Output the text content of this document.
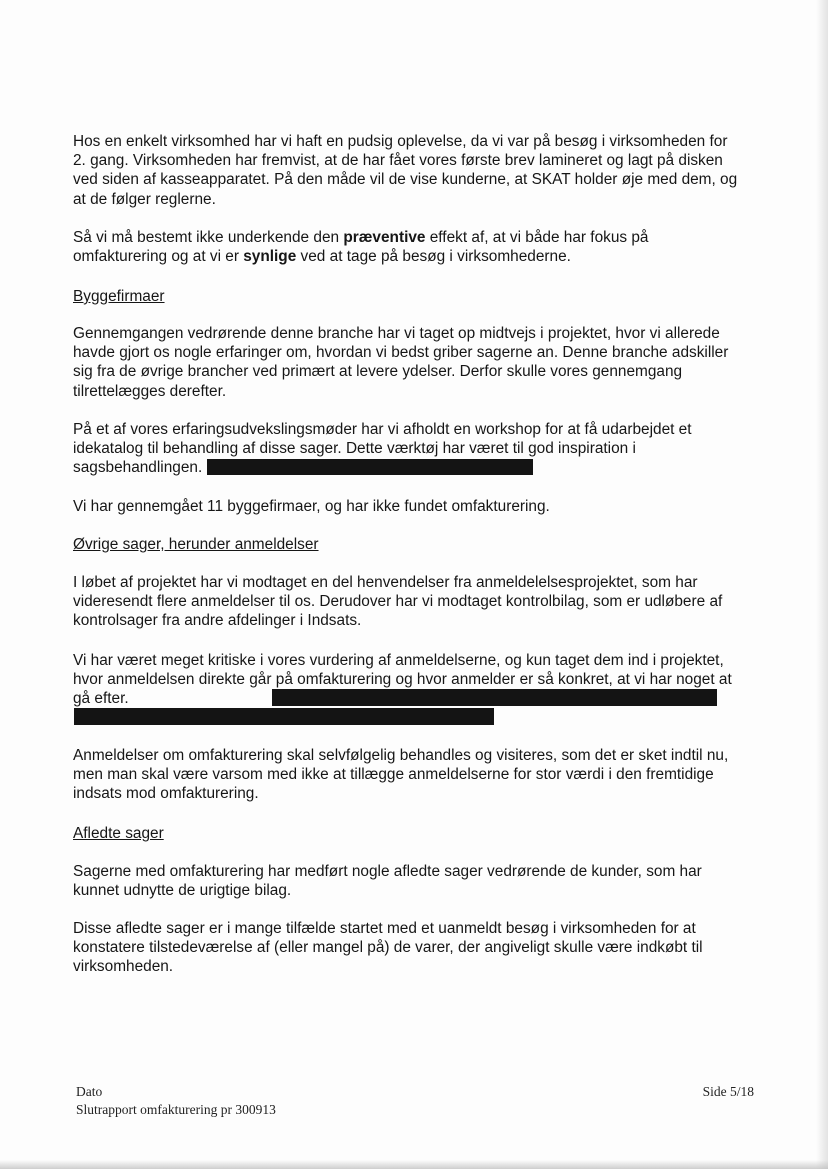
Hos en enkelt virksomhed har vi haft en pudsig oplevelse, da vi var på besøg i virksomheden for 2. gang. Virksomheden har fremvist, at de har fået vores første brev lamineret og lagt på disken ved siden af kasseapparatet. På den måde vil de vise kunderne, at SKAT holder øje med dem, og at de følger reglerne.

Så vi må bestemt ikke underkende den præventive effekt af, at vi både har fokus på omfakturering og at vi er synlige ved at tage på besøg i virksomhederne.

Byggefirmaer

Gennemgangen vedrørende denne branche har vi taget op midtvejs i projektet, hvor vi allerede havde gjort os nogle erfaringer om, hvordan vi bedst griber sagerne an. Denne branche adskiller sig fra de øvrige brancher ved primært at levere ydelser. Derfor skulle vores gennemgang tilrettelægges derefter.

På et af vores erfaringsudvekslingsmøder har vi afholdt en workshop for at få udarbejdet et idekatalog til behandling af disse sager. Dette værktøj har været til god inspiration i sagsbehandlingen.

Vi har gennemgået 11 byggefirmaer, og har ikke fundet omfakturering.

Øvrige sager, herunder anmeldelser

I løbet af projektet har vi modtaget en del henvendelser fra anmeldelelsesprojektet, som har videresendt flere anmeldelser til os. Derudover har vi modtaget kontrolbilag, som er udløbere af kontrolsager fra andre afdelinger i Indsats.

Vi har været meget kritiske i vores vurdering af anmeldelserne, og kun taget dem ind i projektet, hvor anmeldelsen direkte går på omfakturering og hvor anmelder er så konkret, at vi har noget at gå efter.

Anmeldelser om omfakturering skal selvfølgelig behandles og visiteres, som det er sket indtil nu, men man skal være varsom med ikke at tillægge anmeldelserne for stor værdi i den fremtidige indsats mod omfakturering.

Afledte sager

Sagerne med omfakturering har medført nogle afledte sager vedrørende de kunder, som har kunnet udnytte de urigtige bilag.

Disse afledte sager er i mange tilfælde startet med et uanmeldt besøg i virksomheden for at konstatere tilstedeværelse af (eller mangel på) de varer, der angiveligt skulle være indkøbt til virksomheden.

Dato
Slutrapport omfakturering pr 300913
Side 5/18
